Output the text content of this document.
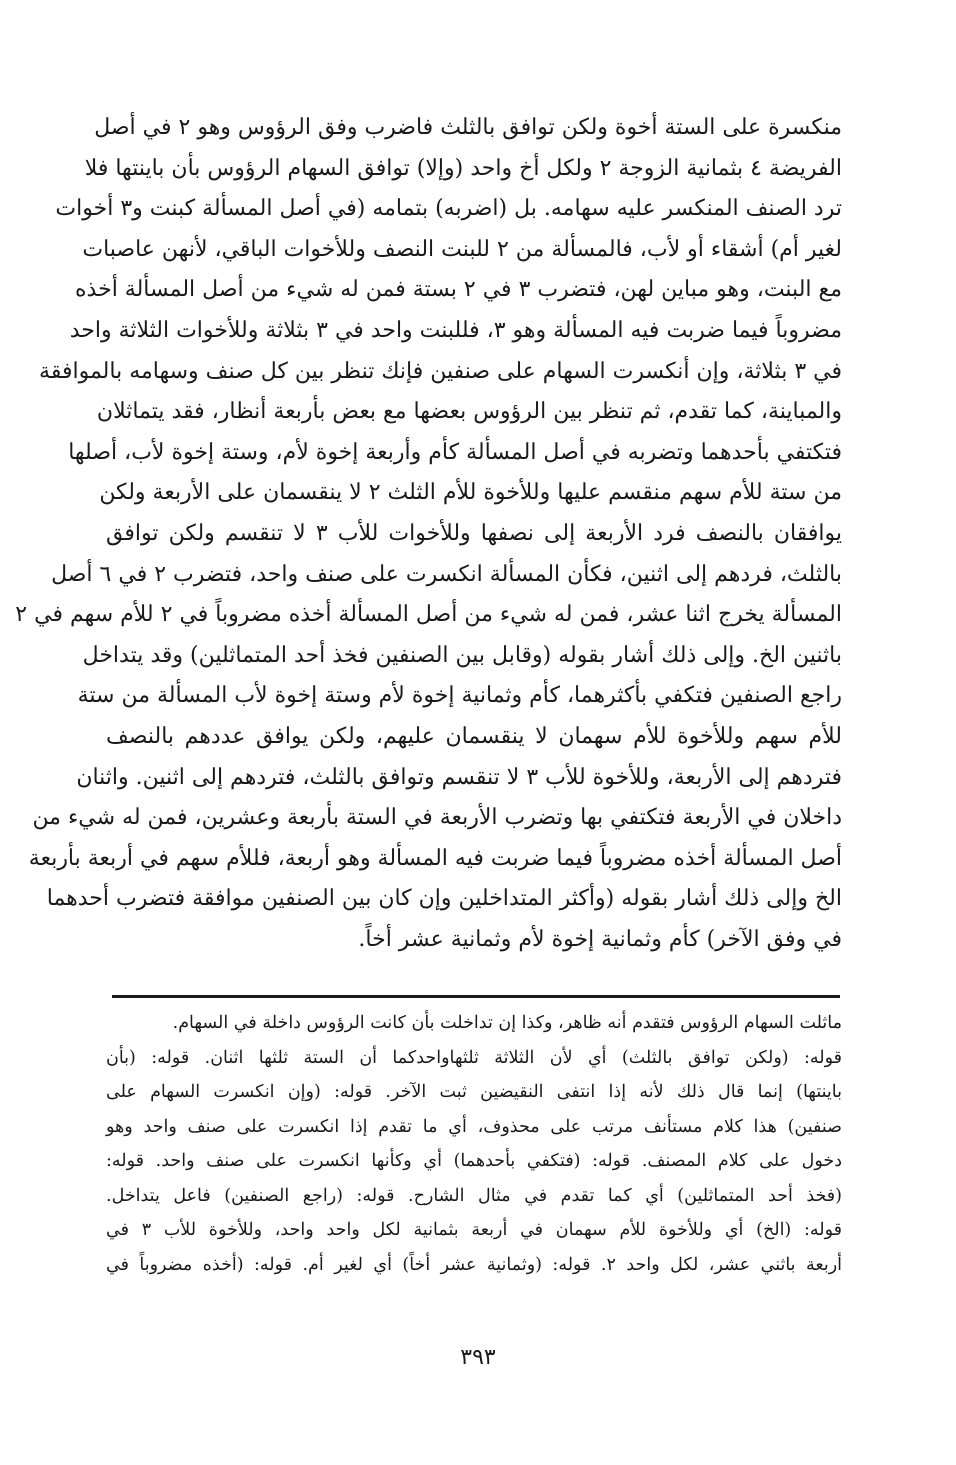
منكسرة على الستة أخوة ولكن توافق بالثلث فاضرب وفق الرؤوس وهو ٢ في أصل
الفريضة ٤ بثمانية الزوجة ٢ ولكل أخ واحد (وإلا) توافق السهام الرؤوس بأن باينتها فلا
ترد الصنف المنكسر عليه سهامه. بل (اضربه) بتمامه (في أصل المسألة كبنت و٣ أخوات
لغير أم) أشقاء أو لأب، فالمسألة من ٢ للبنت النصف وللأخوات الباقي، لأنهن عاصبات
مع البنت، وهو مباين لهن، فتضرب ٣ في ٢ بستة فمن له شيء من أصل المسألة أخذه
مضروباً فيما ضربت فيه المسألة وهو ٣، فللبنت واحد في ٣ بثلاثة وللأخوات الثلاثة واحد
في ٣ بثلاثة، وإن أنكسرت السهام على صنفين فإنك تنظر بين كل صنف وسهامه بالموافقة
والمباينة، كما تقدم، ثم تنظر بين الرؤوس بعضها مع بعض بأربعة أنظار، فقد يتماثلان
فتكتفي بأحدهما وتضربه في أصل المسألة كأم وأربعة إخوة لأم، وستة إخوة لأب، أصلها
من ستة للأم سهم منقسم عليها وللأخوة للأم الثلث ٢ لا ينقسمان على الأربعة ولكن
يوافقان بالنصف فرد الأربعة إلى نصفها وللأخوات للأب ٣ لا تنقسم ولكن توافق
بالثلث، فردهم إلى اثنين، فكأن المسألة انكسرت على صنف واحد، فتضرب ٢ في ٦ أصل
المسألة يخرج اثنا عشر، فمن له شيء من أصل المسألة أخذه مضروباً في ٢ للأم سهم في ٢
باثنين الخ. وإلى ذلك أشار بقوله (وقابل بين الصنفين فخذ أحد المتماثلين) وقد يتداخل
راجع الصنفين فتكفي بأكثرهما، كأم وثمانية إخوة لأم وستة إخوة لأب المسألة من ستة
للأم سهم وللأخوة للأم سهمان لا ينقسمان عليهم، ولكن يوافق عددهم بالنصف
فتردهم إلى الأربعة، وللأخوة للأب ٣ لا تنقسم وتوافق بالثلث، فتردهم إلى اثنين. واثنان
داخلان في الأربعة فتكتفي بها وتضرب الأربعة في الستة بأربعة وعشرين، فمن له شيء من
أصل المسألة أخذه مضروباً فيما ضربت فيه المسألة وهو أربعة، فللأم سهم في أربعة بأربعة
الخ وإلى ذلك أشار بقوله (وأكثر المتداخلين وإن كان بين الصنفين موافقة فتضرب أحدهما
في وفق الآخر) كأم وثمانية إخوة لأم وثمانية عشر أخاً.
ماثلت السهام الرؤوس فتقدم أنه ظاهر، وكذا إن تداخلت بأن كانت الرؤوس داخلة في السهام.
قوله: (ولكن توافق بالثلث) أي لأن الثلاثة ثلثهاواحدكما أن الستة ثلثها اثنان. قوله: (بأن
باينتها) إنما قال ذلك لأنه إذا انتفى النقيضين ثبت الآخر. قوله: (وإن انكسرت السهام على
صنفين) هذا كلام مستأنف مرتب على محذوف، أي ما تقدم إذا انكسرت على صنف واحد وهو
دخول على كلام المصنف. قوله: (فتكفي بأحدهما) أي وكأنها انكسرت على صنف واحد. قوله:
(فخذ أحد المتماثلين) أي كما تقدم في مثال الشارح. قوله: (راجع الصنفين) فاعل يتداخل.
قوله: (الخ) أي وللأخوة للأم سهمان في أربعة بثمانية لكل واحد واحد، وللأخوة للأب ٣ في
أربعة باثني عشر، لكل واحد ٢. قوله: (وثمانية عشر أخاً) أي لغير أم. قوله: (أخذه مضروباً في
٣٩٣
